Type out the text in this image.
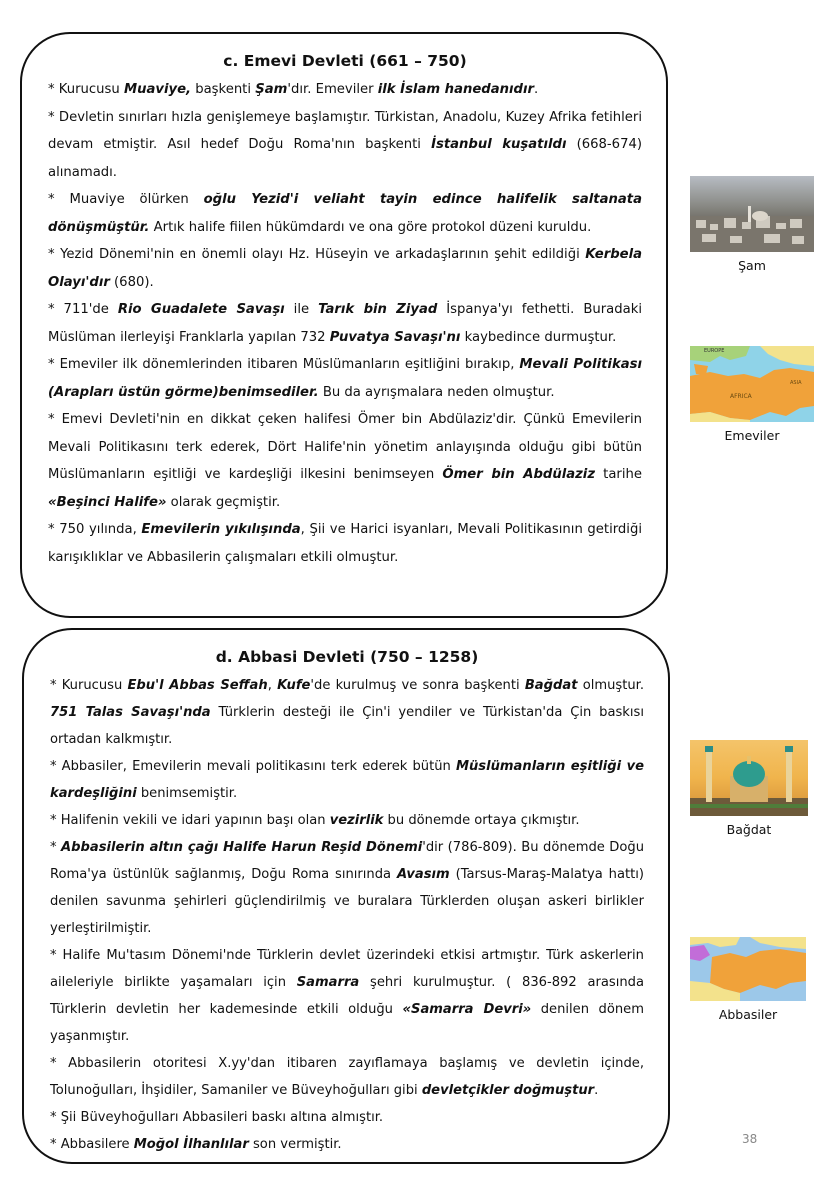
c. Emevi Devleti (661 – 750)

* Kurucusu Muaviye, başkenti Şam'dır. Emeviler ilk İslam hanedanıdır.

* Devletin sınırları hızla genişlemeye başlamıştır. Türkistan, Anadolu, Kuzey Afrika fetihleri devam etmiştir. Asıl hedef Doğu Roma'nın başkenti İstanbul kuşatıldı (668-674) alınamadı.

* Muaviye ölürken oğlu Yezid'i veliaht tayin edince halifelik saltanata dönüşmüştür. Artık halife fiilen hükümdardı ve ona göre protokol düzeni kuruldu.

* Yezid Dönemi'nin en önemli olayı Hz. Hüseyin ve arkadaşlarının şehit edildiği Kerbela Olayı'dır (680).

* 711'de Rio Guadalete Savaşı ile Tarık bin Ziyad İspanya'yı fethetti. Buradaki Müslüman ilerleyişi Franklarla yapılan 732 Puvatya Savaşı'nı kaybedince durmuştur.

* Emeviler ilk dönemlerinden itibaren Müslümanların eşitliğini bırakıp, Mevali Politikası (Arapları üstün görme)benimsediler. Bu da ayrışmalara neden olmuştur.

* Emevi Devleti'nin en dikkat çeken halifesi Ömer bin Abdülaziz'dir. Çünkü Emevilerin Mevali Politikasını terk ederek, Dört Halife'nin yönetim anlayışında olduğu gibi bütün Müslümanların eşitliği ve kardeşliği ilkesini benimseyen Ömer bin Abdülaziz tarihe «Beşinci Halife» olarak geçmiştir.

* 750 yılında, Emevilerin yıkılışında, Şii ve Harici isyanları, Mevali Politikasının getirdiği karışıklıklar ve Abbasilerin çalışmaları etkili olmuştur.

d. Abbasi Devleti (750 – 1258)

* Kurucusu Ebu'l Abbas Seffah, Kufe'de kurulmuş ve sonra başkenti Bağdat olmuştur. 751 Talas Savaşı'nda Türklerin desteği ile Çin'i yendiler ve Türkistan'da Çin baskısı ortadan kalkmıştır.

* Abbasiler, Emevilerin mevali politikasını terk ederek bütün Müslümanların eşitliği ve kardeşliğini benimsemiştir.

* Halifenin vekili ve idari yapının başı olan vezirlik bu dönemde ortaya çıkmıştır.

* Abbasilerin altın çağı Halife Harun Reşid Dönemi'dir (786-809). Bu dönemde Doğu Roma'ya üstünlük sağlanmış, Doğu Roma sınırında Avasım (Tarsus-Maraş-Malatya hattı) denilen savunma şehirleri güçlendirilmiş ve buralara Türklerden oluşan askeri birlikler yerleştirilmiştir.

* Halife Mu'tasım Dönemi'nde Türklerin devlet üzerindeki etkisi artmıştır. Türk askerlerin aileleriyle birlikte yaşamaları için Samarra şehri kurulmuştur. ( 836-892 arasında Türklerin devletin her kademesinde etkili olduğu «Samarra Devri» denilen dönem yaşanmıştır.

* Abbasilerin otoritesi X.yy'dan itibaren zayıflamaya başlamış ve devletin içinde, Tolunoğulları, İhşidiler, Samaniler ve Büveyhoğulları gibi devletçikler doğmuştur.

* Şii Büveyhoğulları Abbasileri baskı altına almıştır.

* Abbasilere Moğol İlhanlılar son vermiştir.

Şam
EUROPE
AFRICA
ASIA
Emeviler
Bağdat
Abbasiler
38
